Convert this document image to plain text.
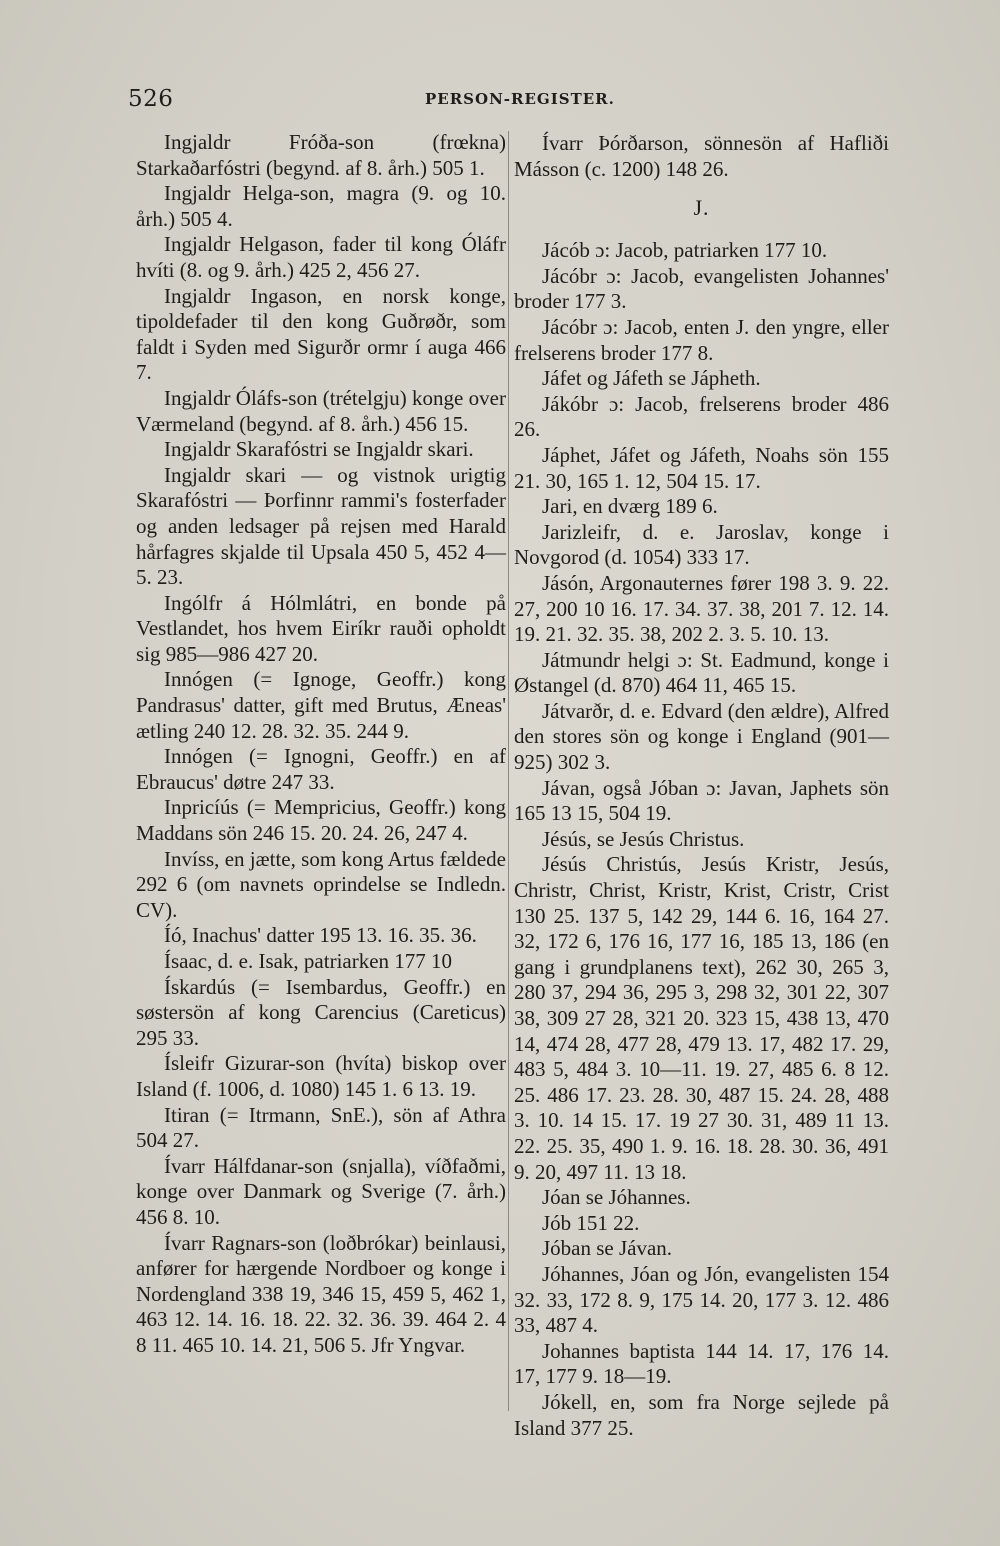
526	PERSON-REGISTER.

Ingjaldr Fróða-son (frœkna) Starkaðarfóstri (begynd. af 8. årh.) 505 1.

Ingjaldr Helga-son, magra (9. og 10. årh.) 505 4.

Ingjaldr Helgason, fader til kong Óláfr hvíti (8. og 9. årh.) 425 2, 456 27.

Ingjaldr Ingason, en norsk konge, tipoldefader til den kong Guðrøðr, som faldt i Syden med Sigurðr ormr í auga 466 7.

Ingjaldr Óláfs-son (trételgju) konge over Værmeland (begynd. af 8. årh.) 456 15.

Ingjaldr Skarafóstri se Ingjaldr skari.

Ingjaldr skari — og vistnok urigtig Skarafóstri — Þorfinnr rammi's fosterfader og anden ledsager på rejsen med Harald hårfagres skjalde til Upsala 450 5, 452 4—5. 23.

Ingólfr á Hólmlátri, en bonde på Vestlandet, hos hvem Eiríkr rauði opholdt sig 985—986 427 20.

Innógen (= Ignoge, Geoffr.) kong Pandrasus' datter, gift med Brutus, Æneas' ætling 240 12. 28. 32. 35. 244 9.

Innógen (= Ignogni, Geoffr.) en af Ebraucus' døtre 247 33.

Inpricíús (= Mempricius, Geoffr.) kong Maddans sön 246 15. 20. 24. 26, 247 4.

Invíss, en jætte, som kong Artus fældede 292 6 (om navnets oprindelse se Indledn. CV).

Íó, Inachus' datter 195 13. 16. 35. 36.

Ísaac, d. e. Isak, patriarken 177 10

Ískardús (= Isembardus, Geoffr.) en søstersön af kong Carencius (Careticus) 295 33.

Ísleifr Gizurar-son (hvíta) biskop over Island (f. 1006, d. 1080) 145 1. 6 13. 19.

Itiran (= Itrmann, SnE.), sön af Athra 504 27.

Ívarr Hálfdanar-son (snjalla), víðfaðmi, konge over Danmark og Sverige (7. årh.) 456 8. 10.

Ívarr Ragnars-son (loðbrókar) beinlausi, anfører for hærgende Nordboer og konge i Nordengland 338 19, 346 15, 459 5, 462 1, 463 12. 14. 16. 18. 22. 32. 36. 39. 464 2. 4 8 11. 465 10. 14. 21, 506 5. Jfr Yngvar.

Ívarr Þórðarson, sönnesön af Hafliði Másson (c. 1200) 148 26.

J.

Jácób ɔ: Jacob, patriarken 177 10.

Jácóbr ɔ: Jacob, evangelisten Johannes' broder 177 3.

Jácóbr ɔ: Jacob, enten J. den yngre, eller frelserens broder 177 8.

Jáfet og Jáfeth se Jápheth.

Jákóbr ɔ: Jacob, frelserens broder 486 26.

Jáphet, Jáfet og Jáfeth, Noahs sön 155 21. 30, 165 1. 12, 504 15. 17.

Jari, en dværg 189 6.

Jarizleifr, d. e. Jaroslav, konge i Novgorod (d. 1054) 333 17.

Jásón, Argonauternes fører 198 3. 9. 22. 27, 200 10 16. 17. 34. 37. 38, 201 7. 12. 14. 19. 21. 32. 35. 38, 202 2. 3. 5. 10. 13.

Játmundr helgi ɔ: St. Eadmund, konge i Østangel (d. 870) 464 11, 465 15.

Játvarðr, d. e. Edvard (den ældre), Alfred den stores sön og konge i England (901—925) 302 3.

Jávan, også Jóban ɔ: Javan, Japhets sön 165 13 15, 504 19.

Jésús, se Jesús Christus.

Jésús Christús, Jesús Kristr, Jesús, Christr, Christ, Kristr, Krist, Cristr, Crist 130 25. 137 5, 142 29, 144 6. 16, 164 27. 32, 172 6, 176 16, 177 16, 185 13, 186 (en gang i grundplanens text), 262 30, 265 3, 280 37, 294 36, 295 3, 298 32, 301 22, 307 38, 309 27 28, 321 20. 323 15, 438 13, 470 14, 474 28, 477 28, 479 13. 17, 482 17. 29, 483 5, 484 3. 10—11. 19. 27, 485 6. 8 12. 25. 486 17. 23. 28. 30, 487 15. 24. 28, 488 3. 10. 14 15. 17. 19 27 30. 31, 489 11 13. 22. 25. 35, 490 1. 9. 16. 18. 28. 30. 36, 491 9. 20, 497 11. 13 18.

Jóan se Jóhannes.

Jób 151 22.

Jóban se Jávan.

Jóhannes, Jóan og Jón, evangelisten 154 32. 33, 172 8. 9, 175 14. 20, 177 3. 12. 486 33, 487 4.

Johannes baptista 144 14. 17, 176 14. 17, 177 9. 18—19.

Jókell, en, som fra Norge sejlede på Island 377 25.
